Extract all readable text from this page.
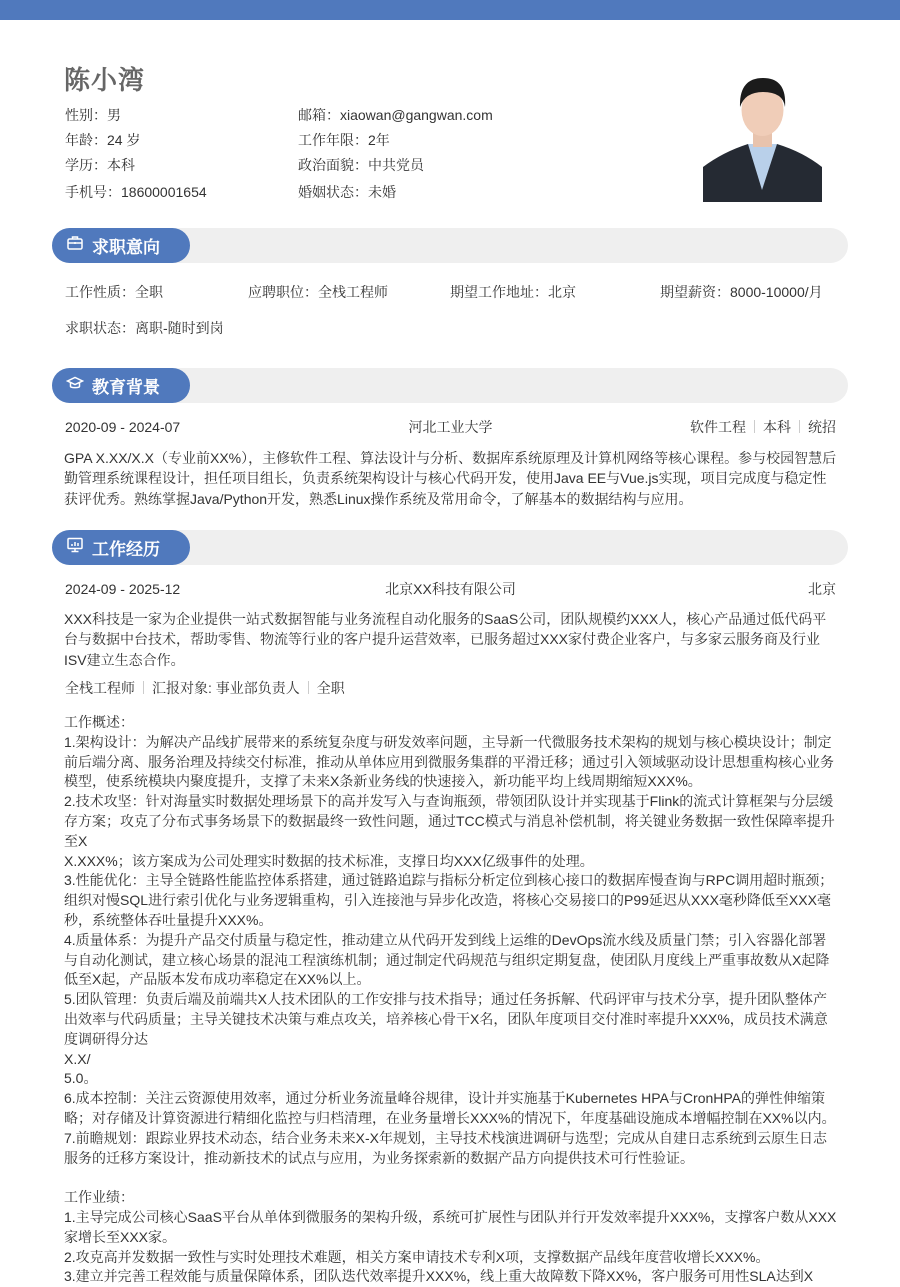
陈小湾
性别：男	邮箱：xiaowan@gangwan.com
年龄：24 岁	工作年限：2年
学历：本科	政治面貌：中共党员
手机号：18600001654	婚姻状态：未婚
求职意向
工作性质：全职	应聘职位：全栈工程师	期望工作地址：北京	期望薪资：8000-10000/月
求职状态：离职-随时到岗
教育背景
2020-09 - 2024-07	河北工业大学	软件工程 本科 统招
GPA X.XX/X.X（专业前XX%），主修软件工程、算法设计与分析、数据库系统原理及计算机网络等核心课程。参与校园智慧后勤管理系统课程设计，担任项目组长，负责系统架构设计与核心代码开发，使用Java EE与Vue.js实现，项目完成度与稳定性获评优秀。熟练掌握Java/Python开发，熟悉Linux操作系统及常用命令，了解基本的数据结构与应用。
工作经历
2024-09 - 2025-12	北京XX科技有限公司	北京
XXX科技是一家为企业提供一站式数据智能与业务流程自动化服务的SaaS公司，团队规模约XXX人，核心产品通过低代码平台与数据中台技术，帮助零售、物流等行业的客户提升运营效率，已服务超过XXX家付费企业客户，与多家云服务商及行业ISV建立生态合作。
全栈工程师 汇报对象: 事业部负责人 全职
工作概述：
1.架构设计：为解决产品线扩展带来的系统复杂度与研发效率问题，主导新一代微服务技术架构的规划与核心模块设计；制定前后端分离、服务治理及持续交付标准，推动从单体应用到微服务集群的平滑迁移；通过引入领域驱动设计思想重构核心业务模型，使系统模块内聚度提升，支撑了未来X条新业务线的快速接入，新功能平均上线周期缩短XXX%。
2.技术攻坚：针对海量实时数据处理场景下的高并发写入与查询瓶颈，带领团队设计并实现基于Flink的流式计算框架与分层缓存方案；攻克了分布式事务场景下的数据最终一致性问题，通过TCC模式与消息补偿机制，将关键业务数据一致性保障率提升至X
X.XXX%；该方案成为公司处理实时数据的技术标准，支撑日均XXX亿级事件的处理。
3.性能优化：主导全链路性能监控体系搭建，通过链路追踪与指标分析定位到核心接口的数据库慢查询与RPC调用超时瓶颈；组织对慢SQL进行索引优化与业务逻辑重构，引入连接池与异步化改造，将核心交易接口的P99延迟从XXX毫秒降低至XXX毫秒，系统整体吞吐量提升XXX%。
4.质量体系：为提升产品交付质量与稳定性，推动建立从代码开发到线上运维的DevOps流水线及质量门禁；引入容器化部署与自动化测试，建立核心场景的混沌工程演练机制；通过制定代码规范与组织定期复盘，使团队月度线上严重事故数从X起降低至X起，产品版本发布成功率稳定在XX%以上。
5.团队管理：负责后端及前端共X人技术团队的工作安排与技术指导；通过任务拆解、代码评审与技术分享，提升团队整体产出效率与代码质量；主导关键技术决策与难点攻关，培养核心骨干X名，团队年度项目交付准时率提升XXX%，成员技术满意度调研得分达
X.X/
5.0。
6.成本控制：关注云资源使用效率，通过分析业务流量峰谷规律，设计并实施基于Kubernetes HPA与CronHPA的弹性伸缩策略；对存储及计算资源进行精细化监控与归档清理，在业务量增长XXX%的情况下，年度基础设施成本增幅控制在XX%以内。
7.前瞻规划：跟踪业界技术动态，结合业务未来X-X年规划，主导技术栈演进调研与选型；完成从自建日志系统到云原生日志服务的迁移方案设计，推动新技术的试点与应用，为业务探索新的数据产品方向提供技术可行性验证。
工作业绩：
1.主导完成公司核心SaaS平台从单体到微服务的架构升级，系统可扩展性与团队并行开发效率提升XXX%，支撑客户数从XXX家增长至XXX家。
2.攻克高并发数据一致性与实时处理技术难题，相关方案申请技术专利X项，支撑数据产品线年度营收增长XXX%。
3.建立并完善工程效能与质量保障体系，团队迭代效率提升XXX%，线上重大故障数下降XX%，客户服务可用性SLA达到X
